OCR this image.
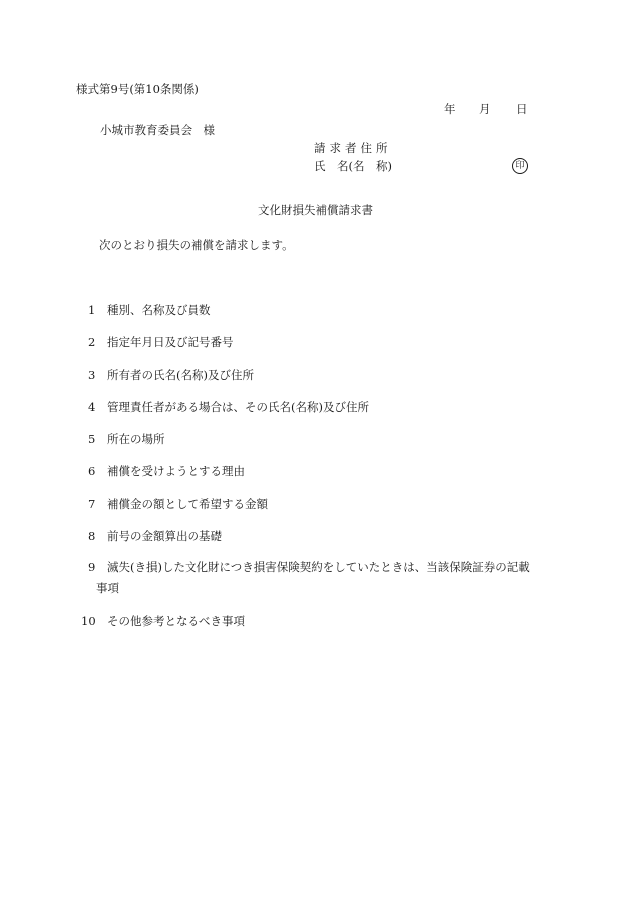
様式第9号(第10条関係)
年 月 日
小城市教育委員会　様
請求者住所
氏　名(名　称)	印
文化財損失補償請求書
次のとおり損失の補償を請求します。
1 種別、名称及び員数
2 指定年月日及び記号番号
3 所有者の氏名(名称)及び住所
4 管理責任者がある場合は、その氏名(名称)及び住所
5 所在の場所
6 補償を受けようとする理由
7 補償金の額として希望する金額
8 前号の金額算出の基礎
9 滅失(き損)した文化財につき損害保険契約をしていたときは、当該保険証券の記載
事項
10 その他参考となるべき事項
